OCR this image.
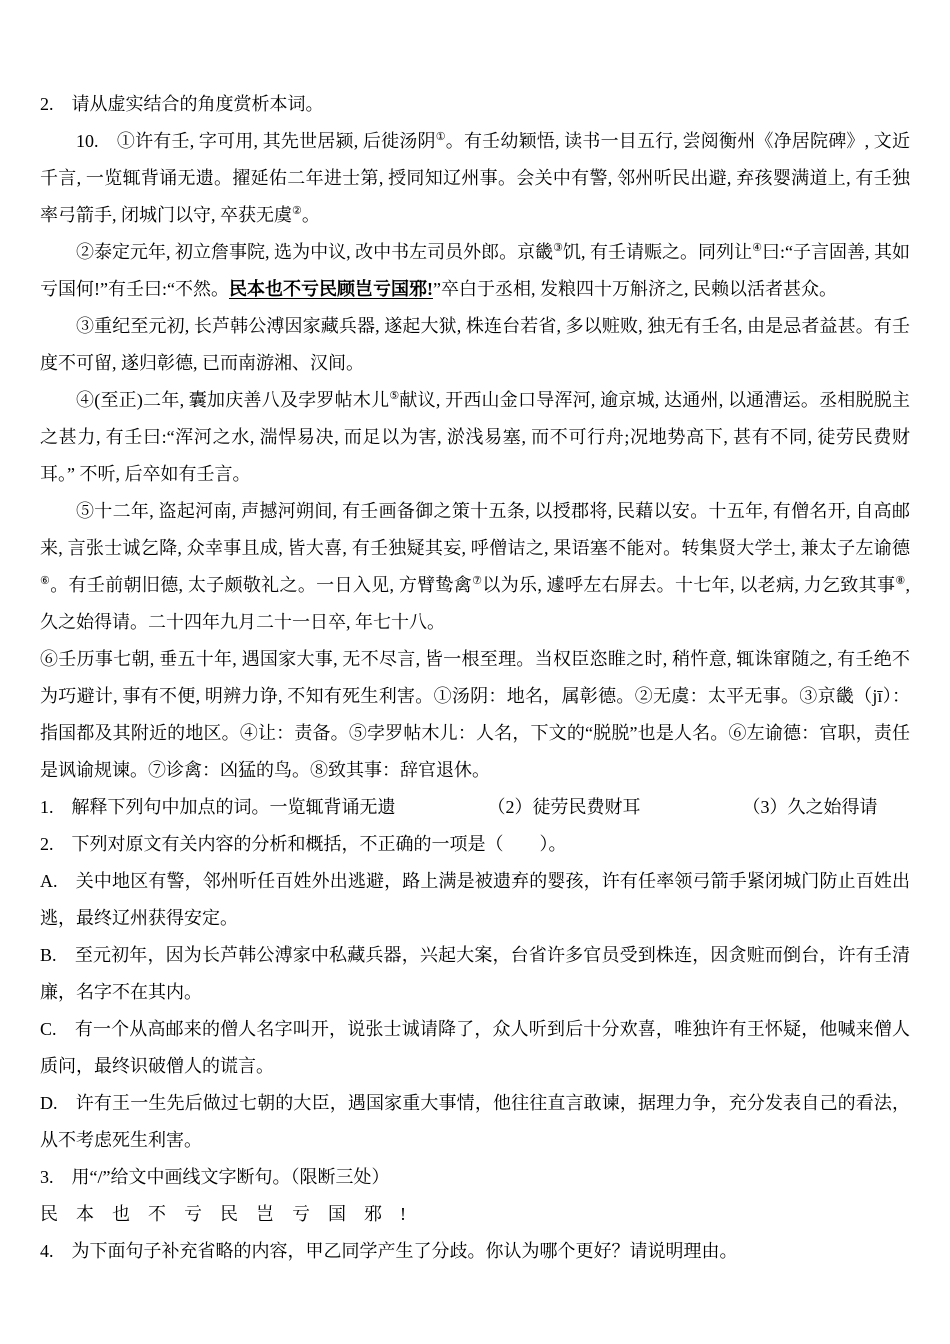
2.　请从虚实结合的角度赏析本词。

10.　①许有壬, 字可用, 其先世居颍, 后徙汤阴①。有壬幼颖悟, 读书一目五行, 尝阅衡州《净居院碑》, 文近千言, 一览辄背诵无遗。擢延佑二年进士第, 授同知辽州事。会关中有警, 邻州听民出避, 弃孩婴满道上, 有壬独率弓箭手, 闭城门以守, 卒获无虞②。

②泰定元年, 初立詹事院, 选为中议, 改中书左司员外郎。京畿③饥, 有壬请赈之。同列让④曰:“子言固善, 其如亏国何!”有壬曰:“不然。民本也不亏民顾岂亏国邪!”卒白于丞相, 发粮四十万斛济之, 民赖以活者甚众。

③重纪至元初, 长芦韩公溥因家藏兵器, 遂起大狱, 株连台若省, 多以赃败, 独无有壬名, 由是忌者益甚。有壬度不可留, 遂归彰德, 已而南游湘、汉间。

④(至正)二年, 囊加庆善八及孛罗帖木儿⑤献议, 开西山金口导浑河, 逾京城, 达通州, 以通漕运。丞相脱脱主之甚力, 有壬曰:“浑河之水, 湍悍易决, 而足以为害, 淤浅易塞, 而不可行舟;况地势高下, 甚有不同, 徒劳民费财耳。” 不听, 后卒如有壬言。

⑤十二年, 盗起河南, 声撼河朔间, 有壬画备御之策十五条, 以授郡将, 民藉以安。十五年, 有僧名开, 自高邮来, 言张士诚乞降, 众幸事且成, 皆大喜, 有壬独疑其妄, 呼僧诘之, 果语塞不能对。转集贤大学士, 兼太子左谕德⑥。有壬前朝旧德, 太子颇敬礼之。一日入见, 方臂鸷禽⑦以为乐, 遽呼左右屏去。十七年, 以老病, 力乞致其事⑧, 久之始得请。二十四年九月二十一日卒, 年七十八。

⑥壬历事七朝, 垂五十年, 遇国家大事, 无不尽言, 皆一根至理。当权臣恣睢之时, 稍忤意, 辄诛窜随之, 有壬绝不为巧避计, 事有不便, 明辨力诤, 不知有死生利害。①汤阴：地名，属彰德。②无虞：太平无事。③京畿（jī）：指国都及其附近的地区。④让：责备。⑤孛罗帖木儿：人名，下文的“脱脱”也是人名。⑥左谕德：官职，责任是讽谕规谏。⑦诊禽：凶猛的鸟。⑧致其事：辞官退休。

1.　解释下列句中加点的词。一览辄背诵无遗	（2）徒劳民费财耳	（3）久之始得请

2.　下列对原文有关内容的分析和概括，不正确的一项是（　　）。

A.　关中地区有警，邻州听任百姓外出逃避，路上满是被遗弃的婴孩，许有任率领弓箭手紧闭城门防止百姓出逃，最终辽州获得安定。

B.　至元初年，因为长芦韩公溥家中私藏兵器，兴起大案，台省许多官员受到株连，因贪赃而倒台，许有壬清廉，名字不在其内。

C.　有一个从高邮来的僧人名字叫开，说张士诚请降了，众人听到后十分欢喜，唯独许有王怀疑，他喊来僧人质问，最终识破僧人的谎言。

D.　许有王一生先后做过七朝的大臣，遇国家重大事情，他往往直言敢谏，据理力争，充分发表自己的看法，从不考虑死生利害。

3.　用“/”给文中画线文字断句。（限断三处）

民本也不亏民岂亏国邪!

4.　为下面句子补充省略的内容，甲乙同学产生了分歧。你认为哪个更好？请说明理由。
